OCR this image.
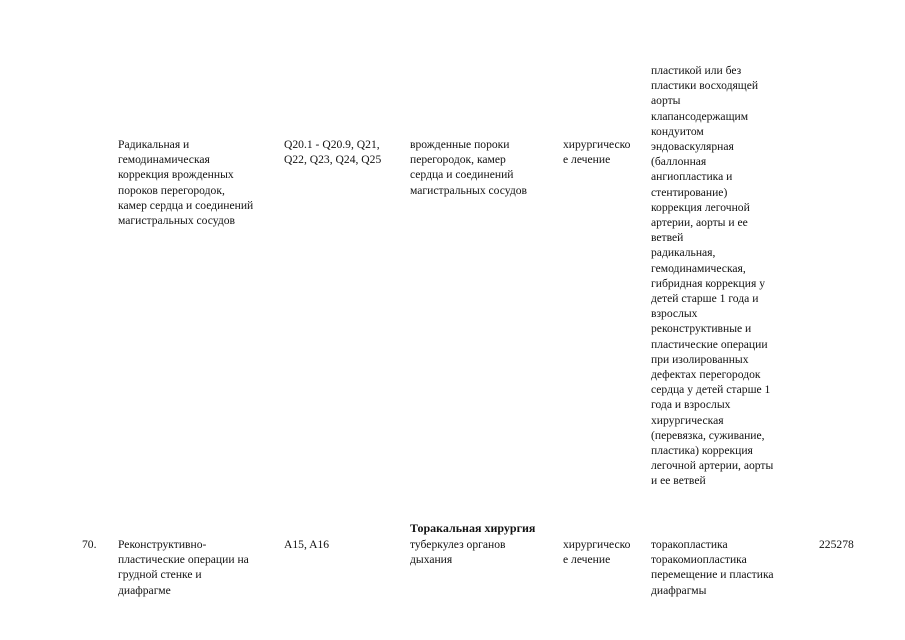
Радикальная и
гемодинамическая
коррекция врожденных
пороков перегородок,
камер сердца и соединений
магистральных сосудов
Q20.1 - Q20.9, Q21,
Q22, Q23, Q24, Q25
врожденные пороки
перегородок, камер
сердца и соединений
магистральных сосудов
хирургическо
е лечение
пластикой или без
пластики восходящей
аорты
клапансодержащим
кондуитом
эндоваскулярная
(баллонная
ангиопластика и
стентирование)
коррекция легочной
артерии, аорты и ее
ветвей
радикальная,
гемодинамическая,
гибридная коррекция у
детей старше 1 года и
взрослых
реконструктивные и
пластические операции
при изолированных
дефектах перегородок
сердца у детей старше 1
года и взрослых
хирургическая
(перевязка, суживание,
пластика) коррекция
легочной артерии, аорты
и ее ветвей
Торакальная хирургия
70.	Реконструктивно-
пластические операции на
грудной стенке и
диафрагме
A15, A16	туберкулез органов
дыхания
хирургическо
е лечение
торакопластика
торакомиопластика
перемещение и пластика
диафрагмы
225278
